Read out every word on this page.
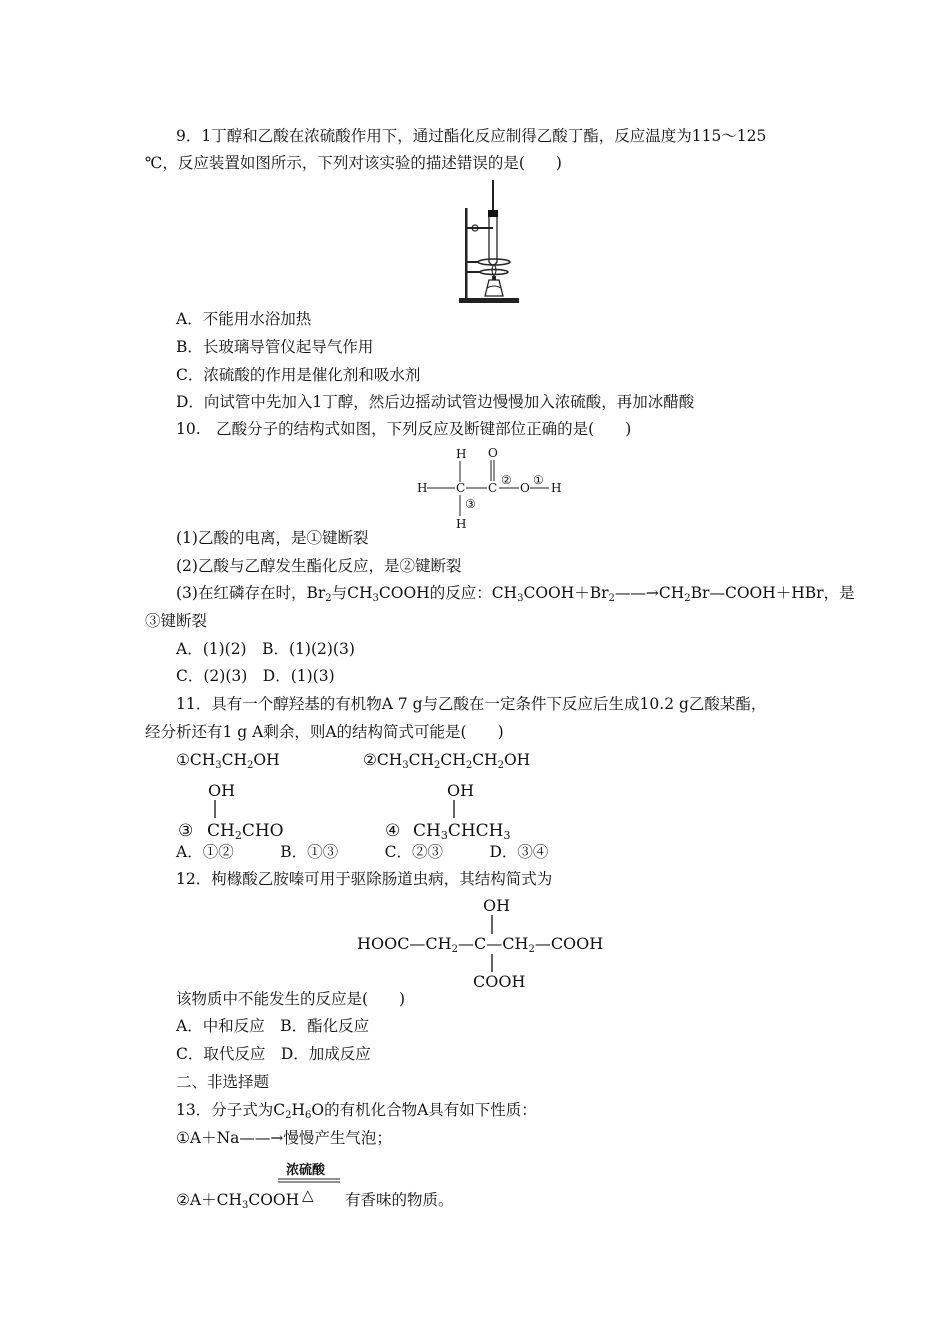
9．1丁醇和乙酸在浓硫酸作用下，通过酯化反应制得乙酸丁酯，反应温度为115～125
℃，反应装置如图所示，下列对该实验的描述错误的是(　　)
A．不能用水浴加热
B．长玻璃导管仪起导气作用
C．浓硫酸的作用是催化剂和吸水剂
D．向试管中先加入1丁醇，然后边摇动试管边慢慢加入浓硫酸，再加冰醋酸
10.　乙酸分子的结构式如图，下列反应及断键部位正确的是(　　)
H
H C
H
③
C
O
②
O
①
H
(1)乙酸的电离，是①键断裂
(2)乙酸与乙醇发生酯化反应，是②键断裂
(3)在红磷存在时，$Br_2$与$CH_3COOH$的反应：$CH_3COOH+Br_2——\to CH_2Br—COOH+HBr$，是
③键断裂
A．(1)(2)　B．(1)(2)(3)
C．(2)(3)　D．(1)(3)
11．具有一个醇羟基的有机物A 7 g与乙酸在一定条件下反应后生成10.2 g乙酸某酯，
经分析还有1 g A剩余，则A的结构简式可能是(　　)
$①CH_3CH_2OH$	$②CH_3CH_2CH_2CH_2OH$
OH
③ CH2CHO
OH
④ CH3CHCH3
A．①②　　　B．①③　　　C．②③　　　D．③④
12．枸橼酸乙胺嗪可用于驱除肠道虫病，其结构简式为
OH
HOOC—CH2—C—CH2—COOH
COOH
该物质中不能发生的反应是(　　)
A．中和反应　B．酯化反应
C．取代反应　D．加成反应
二、非选择题
13．分子式为$C_2H_6O$的有机化合物A具有如下性质：
①A＋Na——→慢慢产生气泡；
$②A+CH_3COOH$
浓硫酸
△ 有香味的物质。
